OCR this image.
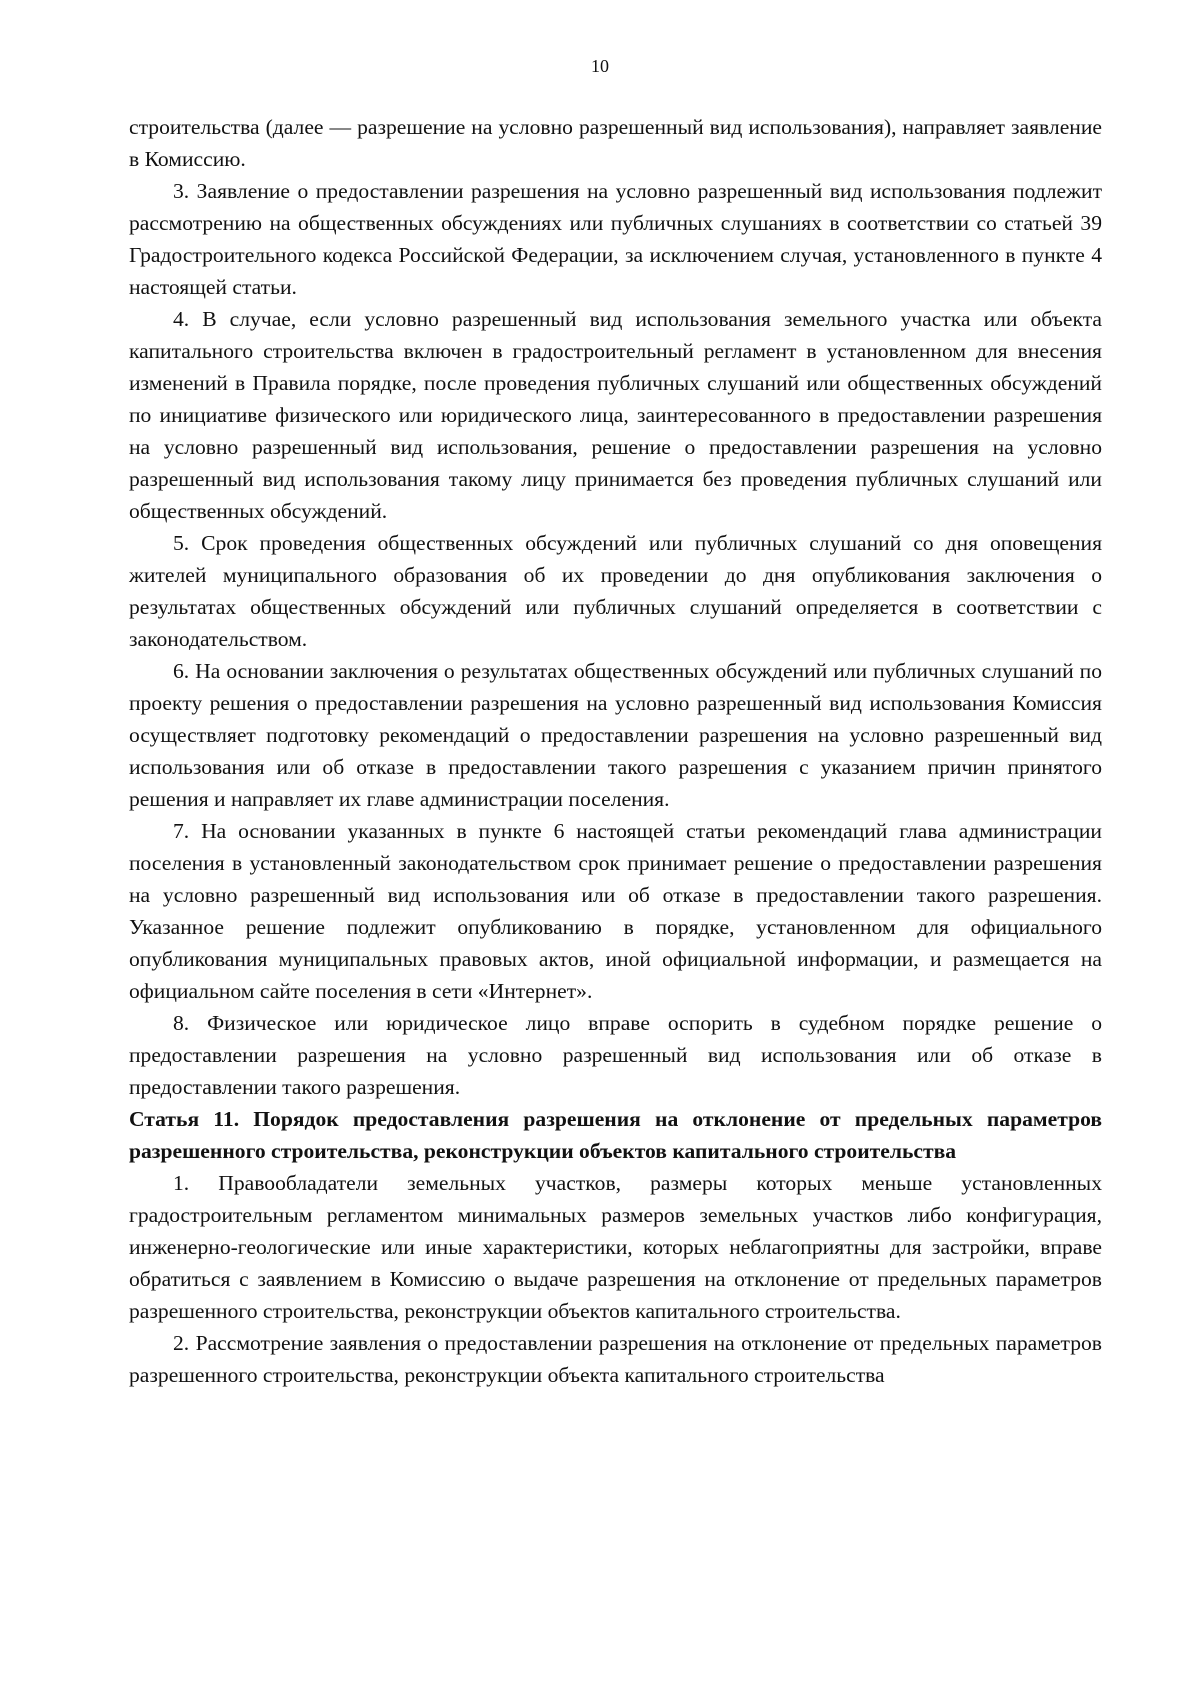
10

строительства (далее — разрешение на условно разрешенный вид использования), направляет заявление в Комиссию.

3. Заявление о предоставлении разрешения на условно разрешенный вид использования подлежит рассмотрению на общественных обсуждениях или публичных слушаниях в соответствии со статьей 39 Градостроительного кодекса Российской Федерации, за исключением случая, установленного в пункте 4 настоящей статьи.

4. В случае, если условно разрешенный вид использования земельного участка или объекта капитального строительства включен в градостроительный регламент в установленном для внесения изменений в Правила порядке, после проведения публичных слушаний или общественных обсуждений по инициативе физического или юридического лица, заинтересованного в предоставлении разрешения на условно разрешенный вид использования, решение о предоставлении разрешения на условно разрешенный вид использования такому лицу принимается без проведения публичных слушаний или общественных обсуждений.

5. Срок проведения общественных обсуждений или публичных слушаний со дня оповещения жителей муниципального образования об их проведении до дня опубликования заключения о результатах общественных обсуждений или публичных слушаний определяется в соответствии с законодательством.

6. На основании заключения о результатах общественных обсуждений или публичных слушаний по проекту решения о предоставлении разрешения на условно разрешенный вид использования Комиссия осуществляет подготовку рекомендаций о предоставлении разрешения на условно разрешенный вид использования или об отказе в предоставлении такого разрешения с указанием причин принятого решения и направляет их главе администрации поселения.

7. На основании указанных в пункте 6 настоящей статьи рекомендаций глава администрации поселения в установленный законодательством срок принимает решение о предоставлении разрешения на условно разрешенный вид использования или об отказе в предоставлении такого разрешения. Указанное решение подлежит опубликованию в порядке, установленном для официального опубликования муниципальных правовых актов, иной официальной информации, и размещается на официальном сайте поселения в сети «Интернет».

8. Физическое или юридическое лицо вправе оспорить в судебном порядке решение о предоставлении разрешения на условно разрешенный вид использования или об отказе в предоставлении такого разрешения.

Статья 11. Порядок предоставления разрешения на отклонение от предельных параметров разрешенного строительства, реконструкции объектов капитального строительства

1. Правообладатели земельных участков, размеры которых меньше установленных градостроительным регламентом минимальных размеров земельных участков либо конфигурация, инженерно-геологические или иные характеристики, которых неблагоприятны для застройки, вправе обратиться с заявлением в Комиссию о выдаче разрешения на отклонение от предельных параметров разрешенного строительства, реконструкции объектов капитального строительства.

2. Рассмотрение заявления о предоставлении разрешения на отклонение от предельных параметров разрешенного строительства, реконструкции объекта капитального строительства
